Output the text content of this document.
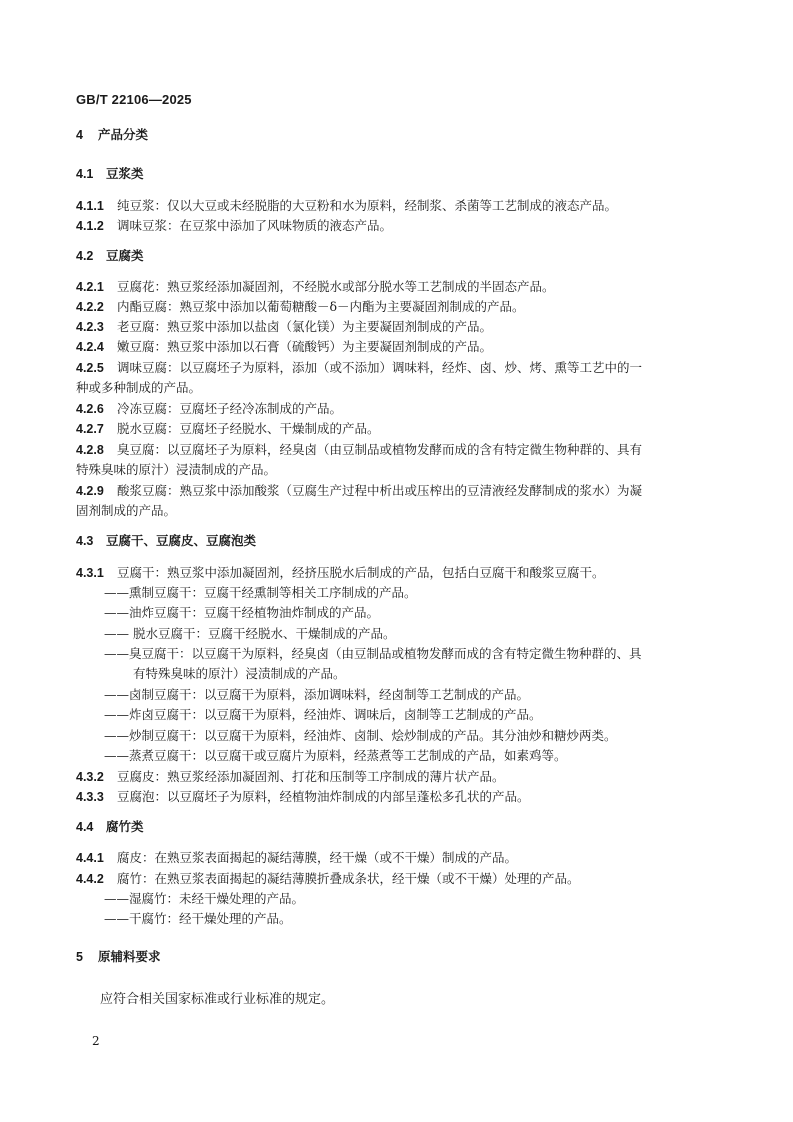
GB/T 22106—2025
4 产品分类
4.1 豆浆类
4.1.1 纯豆浆：仅以大豆或未经脱脂的大豆粉和水为原料，经制浆、杀菌等工艺制成的液态产品。
4.1.2 调味豆浆：在豆浆中添加了风味物质的液态产品。
4.2 豆腐类
4.2.1 豆腐花：熟豆浆经添加凝固剂，不经脱水或部分脱水等工艺制成的半固态产品。
4.2.2 内酯豆腐：熟豆浆中添加以葡萄糖酸－δ－内酯为主要凝固剂制成的产品。
4.2.3 老豆腐：熟豆浆中添加以盐卤（氯化镁）为主要凝固剂制成的产品。
4.2.4 嫩豆腐：熟豆浆中添加以石膏（硫酸钙）为主要凝固剂制成的产品。
4.2.5 调味豆腐：以豆腐坯子为原料，添加（或不添加）调味料，经炸、卤、炒、烤、熏等工艺中的一
种或多种制成的产品。
4.2.6 冷冻豆腐：豆腐坯子经冷冻制成的产品。
4.2.7 脱水豆腐：豆腐坯子经脱水、干燥制成的产品。
4.2.8 臭豆腐：以豆腐坯子为原料，经臭卤（由豆制品或植物发酵而成的含有特定微生物种群的、具有
特殊臭味的原汁）浸渍制成的产品。
4.2.9 酸浆豆腐：熟豆浆中添加酸浆（豆腐生产过程中析出或压榨出的豆清液经发酵制成的浆水）为凝
固剂制成的产品。
4.3 豆腐干、豆腐皮、豆腐泡类
4.3.1 豆腐干：熟豆浆中添加凝固剂，经挤压脱水后制成的产品，包括白豆腐干和酸浆豆腐干。
——熏制豆腐干：豆腐干经熏制等相关工序制成的产品。
——油炸豆腐干：豆腐干经植物油炸制成的产品。
—— 脱水豆腐干：豆腐干经脱水、干燥制成的产品。
——臭豆腐干：以豆腐干为原料，经臭卤（由豆制品或植物发酵而成的含有特定微生物种群的、具
有特殊臭味的原汁）浸渍制成的产品。
——卤制豆腐干：以豆腐干为原料，添加调味料，经卤制等工艺制成的产品。
——炸卤豆腐干：以豆腐干为原料，经油炸、调味后，卤制等工艺制成的产品。
——炒制豆腐干：以豆腐干为原料，经油炸、卤制、烩炒制成的产品。其分油炒和糖炒两类。
——蒸煮豆腐干：以豆腐干或豆腐片为原料，经蒸煮等工艺制成的产品，如素鸡等。
4.3.2 豆腐皮：熟豆浆经添加凝固剂、打花和压制等工序制成的薄片状产品。
4.3.3 豆腐泡：以豆腐坯子为原料，经植物油炸制成的内部呈蓬松多孔状的产品。
4.4 腐竹类
4.4.1 腐皮：在熟豆浆表面揭起的凝结薄膜，经干燥（或不干燥）制成的产品。
4.4.2 腐竹：在熟豆浆表面揭起的凝结薄膜折叠成条状，经干燥（或不干燥）处理的产品。
——湿腐竹：未经干燥处理的产品。
——干腐竹：经干燥处理的产品。
5 原辅料要求
应符合相关国家标准或行业标准的规定。
2
